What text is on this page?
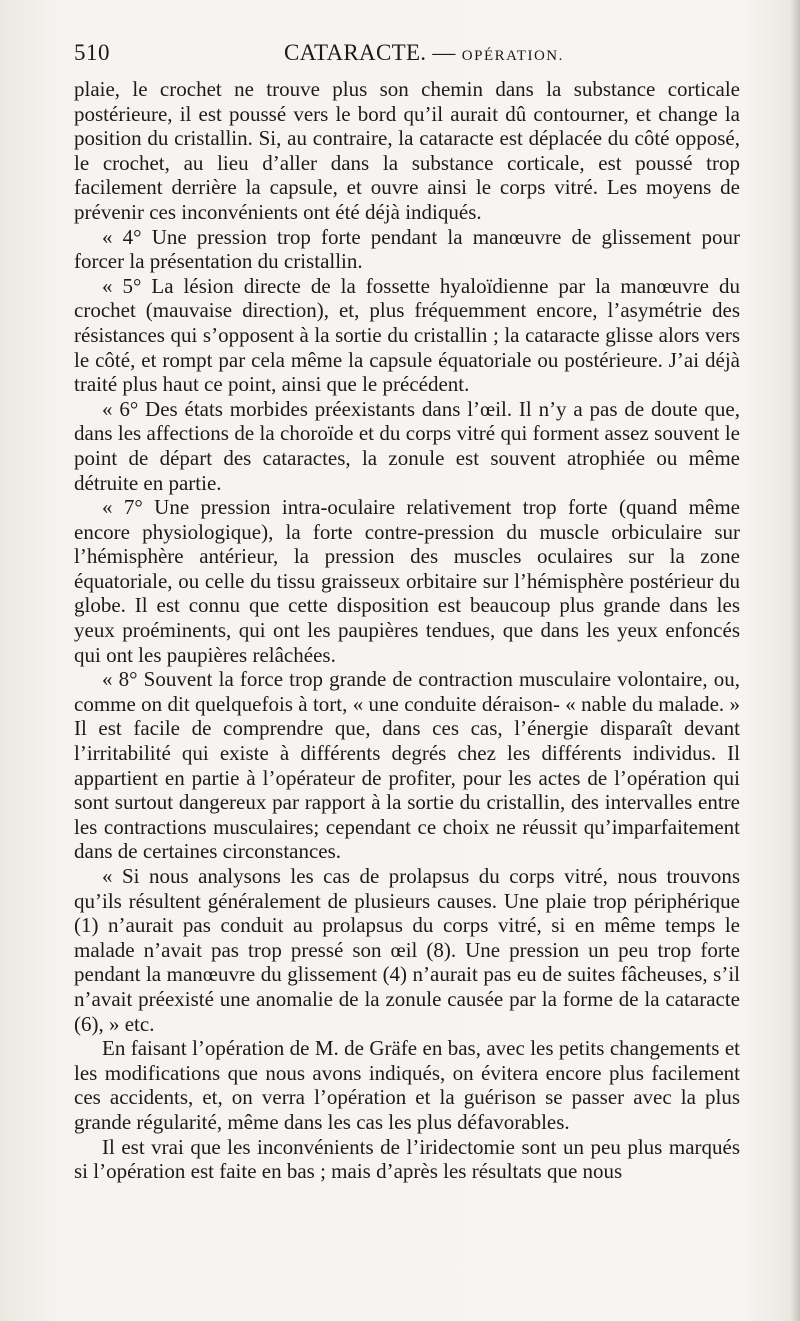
510	CATARACTE. — OPÉRATION.

plaie, le crochet ne trouve plus son chemin dans la substance corticale postérieure, il est poussé vers le bord qu’il aurait dû contourner, et change la position du cristallin. Si, au contraire, la cataracte est déplacée du côté opposé, le crochet, au lieu d’aller dans la substance corticale, est poussé trop facilement derrière la capsule, et ouvre ainsi le corps vitré. Les moyens de prévenir ces inconvénients ont été déjà indiqués.

« 4° Une pression trop forte pendant la manœuvre de glissement pour forcer la présentation du cristallin.

« 5° La lésion directe de la fossette hyaloïdienne par la manœuvre du crochet (mauvaise direction), et, plus fréquemment encore, l’asymétrie des résistances qui s’opposent à la sortie du cristallin ; la cataracte glisse alors vers le côté, et rompt par cela même la capsule équatoriale ou postérieure. J’ai déjà traité plus haut ce point, ainsi que le précédent.

« 6° Des états morbides préexistants dans l’œil. Il n’y a pas de doute que, dans les affections de la choroïde et du corps vitré qui forment assez souvent le point de départ des cataractes, la zonule est souvent atrophiée ou même détruite en partie.

« 7° Une pression intra-oculaire relativement trop forte (quand même encore physiologique), la forte contre-pression du muscle orbiculaire sur l’hémisphère antérieur, la pression des muscles oculaires sur la zone équatoriale, ou celle du tissu graisseux orbitaire sur l’hémisphère postérieur du globe. Il est connu que cette disposition est beaucoup plus grande dans les yeux proéminents, qui ont les paupières tendues, que dans les yeux enfoncés qui ont les paupières relâchées.

« 8° Souvent la force trop grande de contraction musculaire volontaire, ou, comme on dit quelquefois à tort, « une conduite déraison- « nable du malade. » Il est facile de comprendre que, dans ces cas, l’énergie disparaît devant l’irritabilité qui existe à différents degrés chez les différents individus. Il appartient en partie à l’opérateur de profiter, pour les actes de l’opération qui sont surtout dangereux par rapport à la sortie du cristallin, des intervalles entre les contractions musculaires; cependant ce choix ne réussit qu’imparfaitement dans de certaines circonstances.

« Si nous analysons les cas de prolapsus du corps vitré, nous trouvons qu’ils résultent généralement de plusieurs causes. Une plaie trop périphérique (1) n’aurait pas conduit au prolapsus du corps vitré, si en même temps le malade n’avait pas trop pressé son œil (8). Une pression un peu trop forte pendant la manœuvre du glissement (4) n’aurait pas eu de suites fâcheuses, s’il n’avait préexisté une anomalie de la zonule causée par la forme de la cataracte (6), » etc.

En faisant l’opération de M. de Gräfe en bas, avec les petits changements et les modifications que nous avons indiqués, on évitera encore plus facilement ces accidents, et, on verra l’opération et la guérison se passer avec la plus grande régularité, même dans les cas les plus défavorables.

Il est vrai que les inconvénients de l’iridectomie sont un peu plus marqués si l’opération est faite en bas ; mais d’après les résultats que nous
